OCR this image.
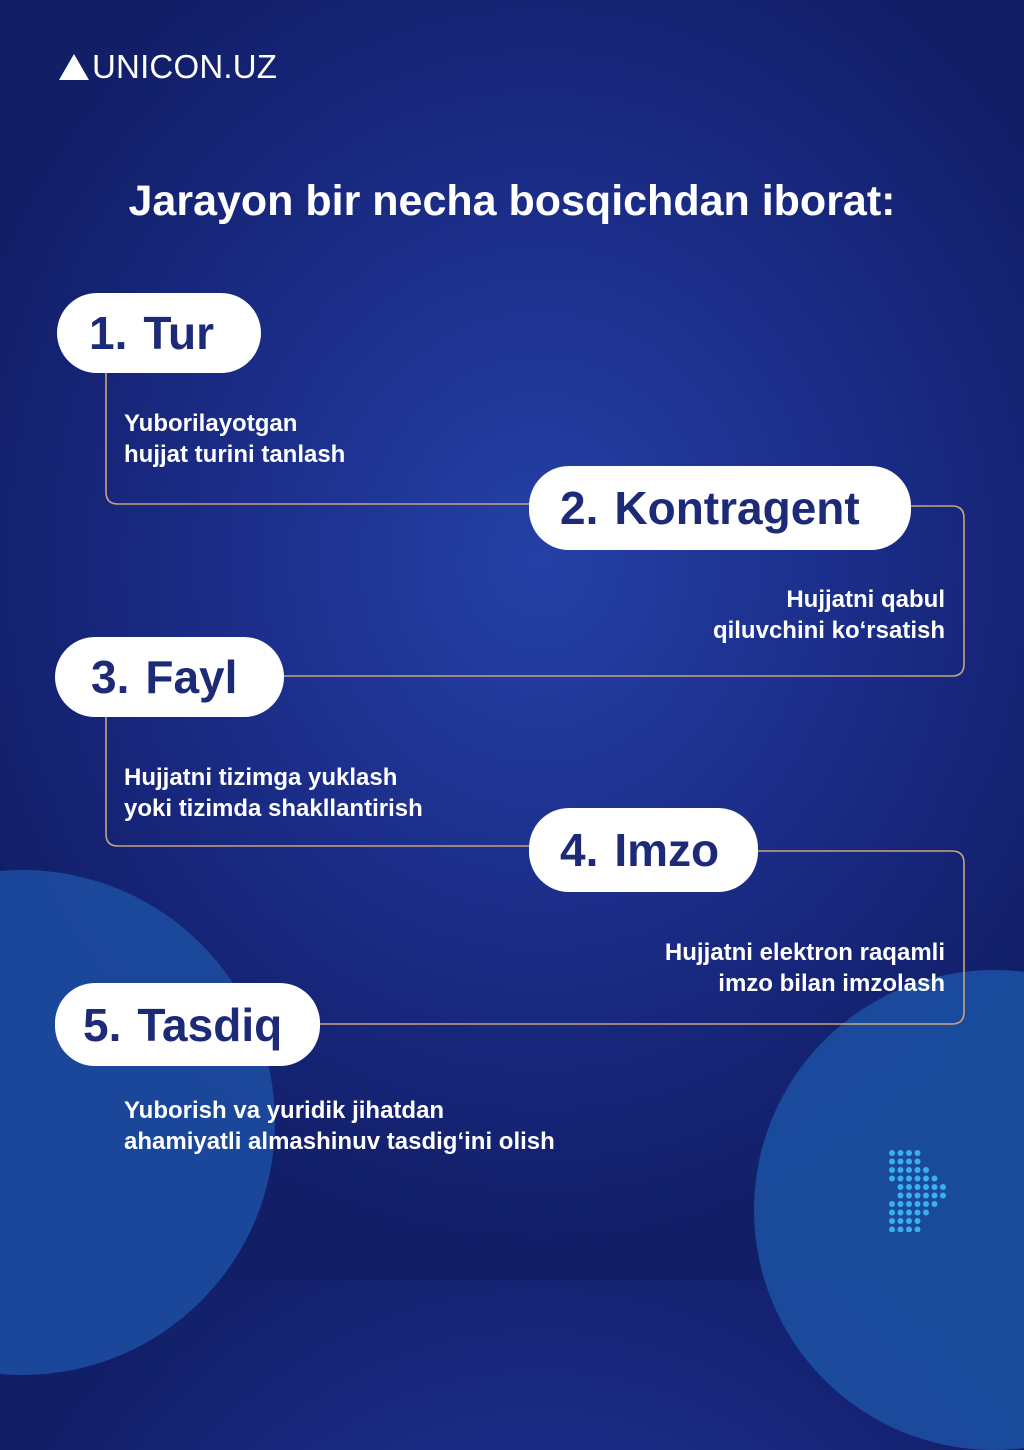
UNICON.UZ
Jarayon bir necha bosqichdan iborat:
1. Tur
Yuborilayotgan
hujjat turini tanlash
2. Kontragent
Hujjatni qabul
qiluvchini ko‘rsatish
3. Fayl
Hujjatni tizimga yuklash
yoki tizimda shakllantirish
4. Imzo
Hujjatni elektron raqamli
imzo bilan imzolash
5. Tasdiq
Yuborish va yuridik jihatdan
ahamiyatli almashinuv tasdig‘ini olish
